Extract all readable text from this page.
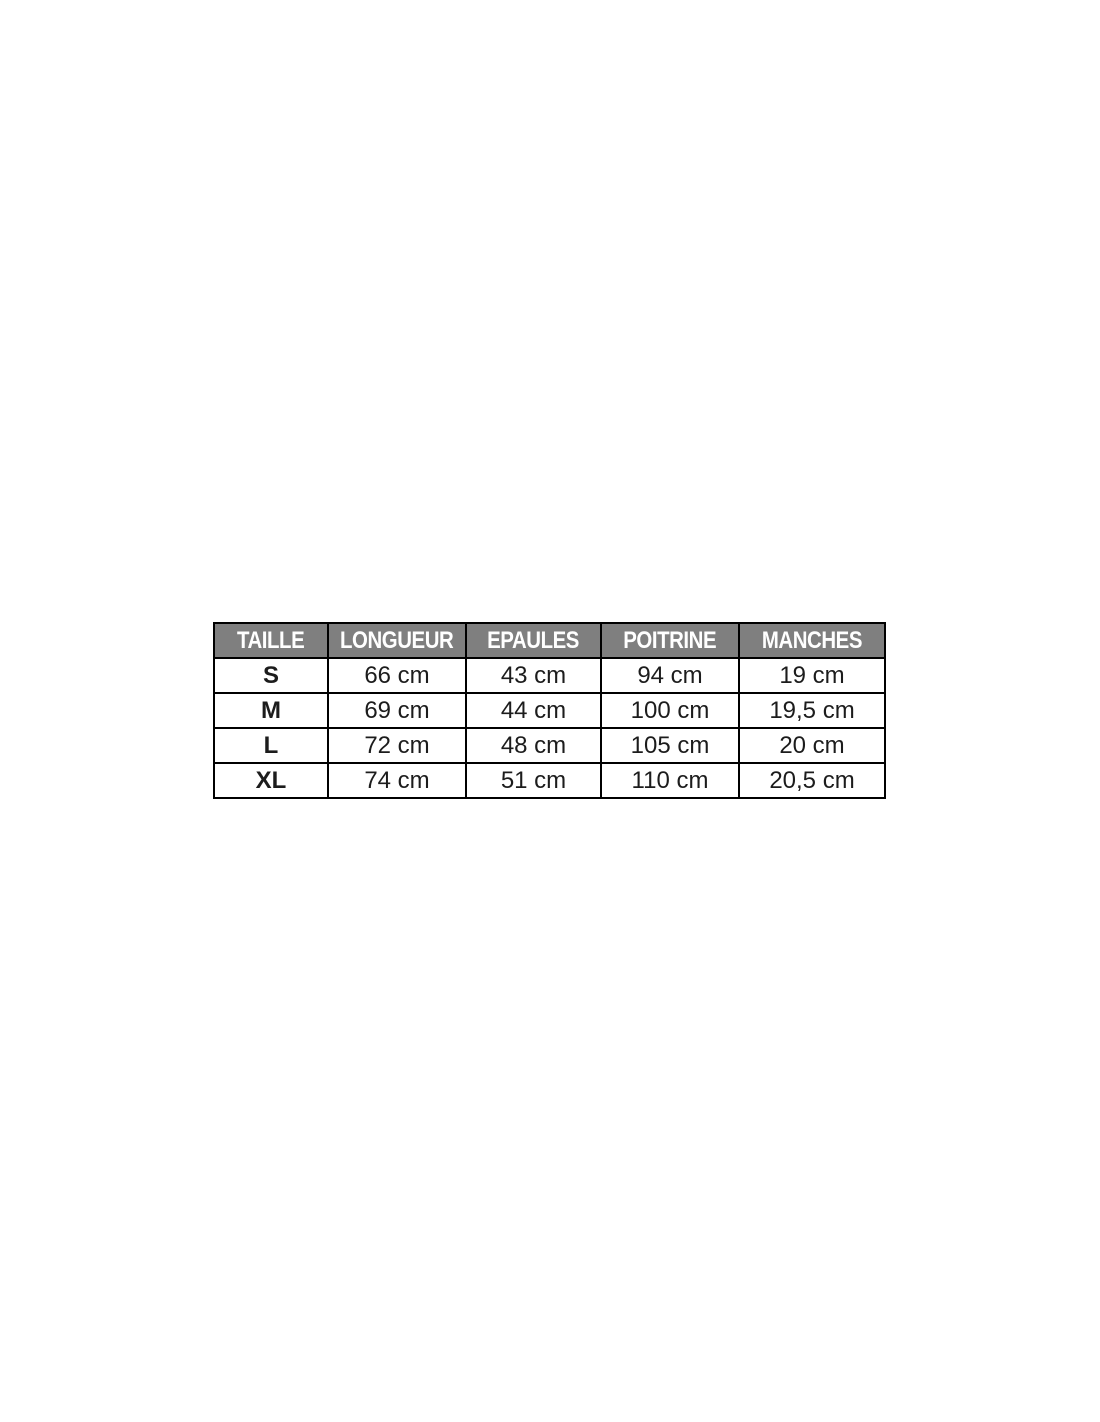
TAILLE	LONGUEUR	EPAULES	POITRINE	MANCHES
S	66 cm	43 cm	94 cm	19 cm
M	69 cm	44 cm	100 cm	19,5 cm
L	72 cm	48 cm	105 cm	20 cm
XL	74 cm	51 cm	110 cm	20,5 cm
